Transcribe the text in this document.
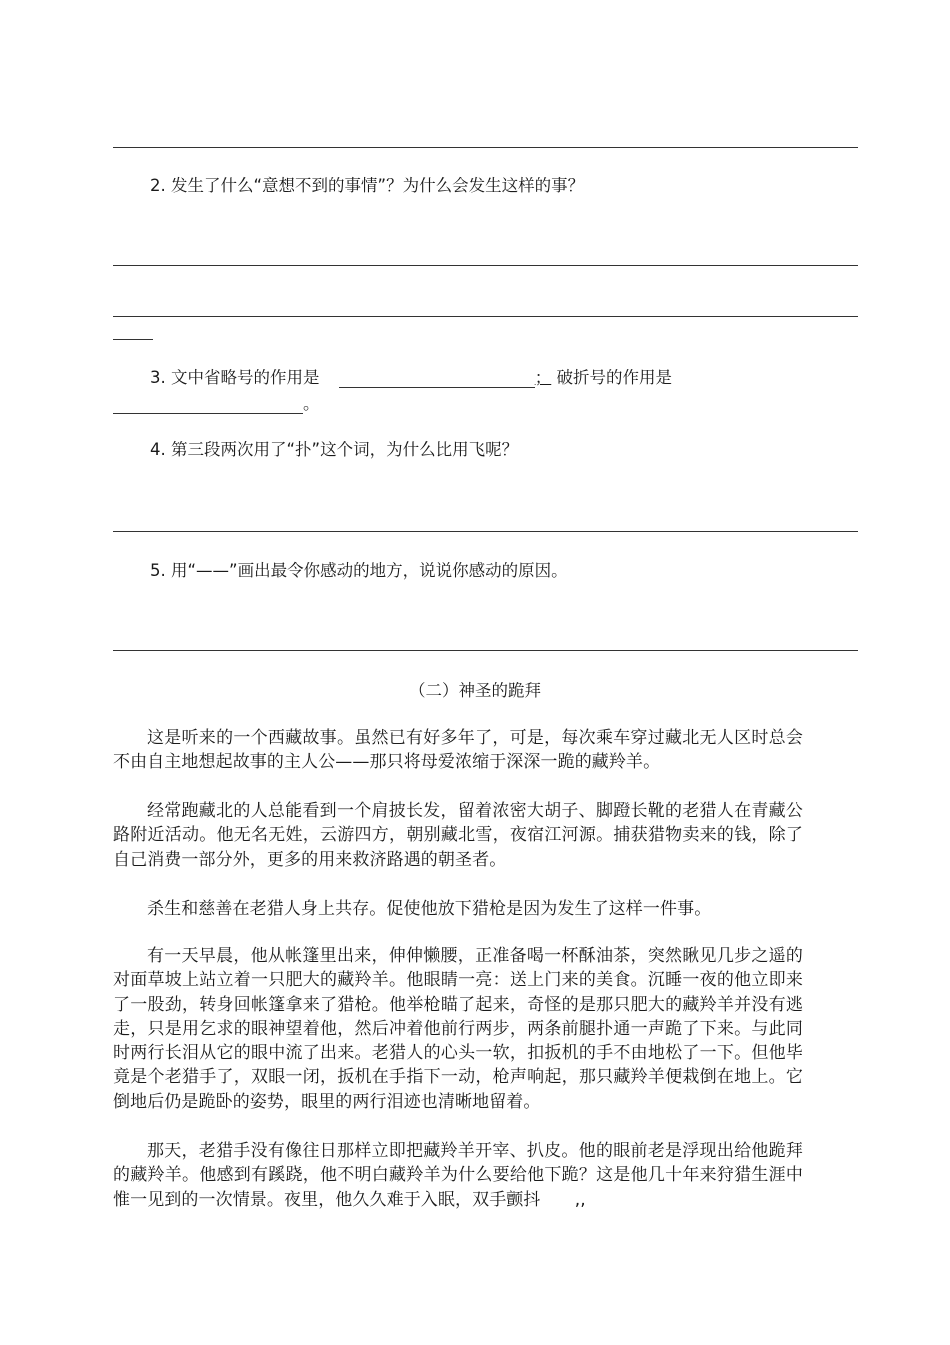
2. 发生了什么“意想不到的事情”？为什么会发生这样的事？
3. 文中省略号的作用是	； 破折号的作用是
。
4. 第三段两次用了“扑”这个词，为什么比用飞呢？
5. 用“——”画出最令你感动的地方，说说你感动的原因。
（二）神圣的跪拜
这是听来的一个西藏故事。虽然已有好多年了，可是，每次乘车穿过藏北无人区时总会不由自主地想起故事的主人公——那只将母爱浓缩于深深一跪的藏羚羊。
经常跑藏北的人总能看到一个肩披长发，留着浓密大胡子、脚蹬长靴的老猎人在青藏公路附近活动。他无名无姓，云游四方，朝别藏北雪，夜宿江河源。捕获猎物卖来的钱，除了自己消费一部分外，更多的用来救济路遇的朝圣者。
杀生和慈善在老猎人身上共存。促使他放下猎枪是因为发生了这样一件事。
有一天早晨，他从帐篷里出来，伸伸懒腰，正准备喝一杯酥油茶，突然瞅见几步之遥的对面草坡上站立着一只肥大的藏羚羊。他眼睛一亮：送上门来的美食。沉睡一夜的他立即来了一股劲，转身回帐篷拿来了猎枪。他举枪瞄了起来，奇怪的是那只肥大的藏羚羊并没有逃走，只是用乞求的眼神望着他，然后冲着他前行两步，两条前腿扑通一声跪了下来。与此同时两行长泪从它的眼中流了出来。老猎人的心头一软，扣扳机的手不由地松了一下。但他毕竟是个老猎手了，双眼一闭，扳机在手指下一动，枪声响起，那只藏羚羊便栽倒在地上。它倒地后仍是跪卧的姿势，眼里的两行泪迹也清晰地留着。
那天，老猎手没有像往日那样立即把藏羚羊开宰、扒皮。他的眼前老是浮现出给他跪拜的藏羚羊。他感到有蹊跷，他不明白藏羚羊为什么要给他下跪？这是他几十年来狩猎生涯中惟一见到的一次情景。夜里，他久久难于入眠，双手颤抖　　,,
